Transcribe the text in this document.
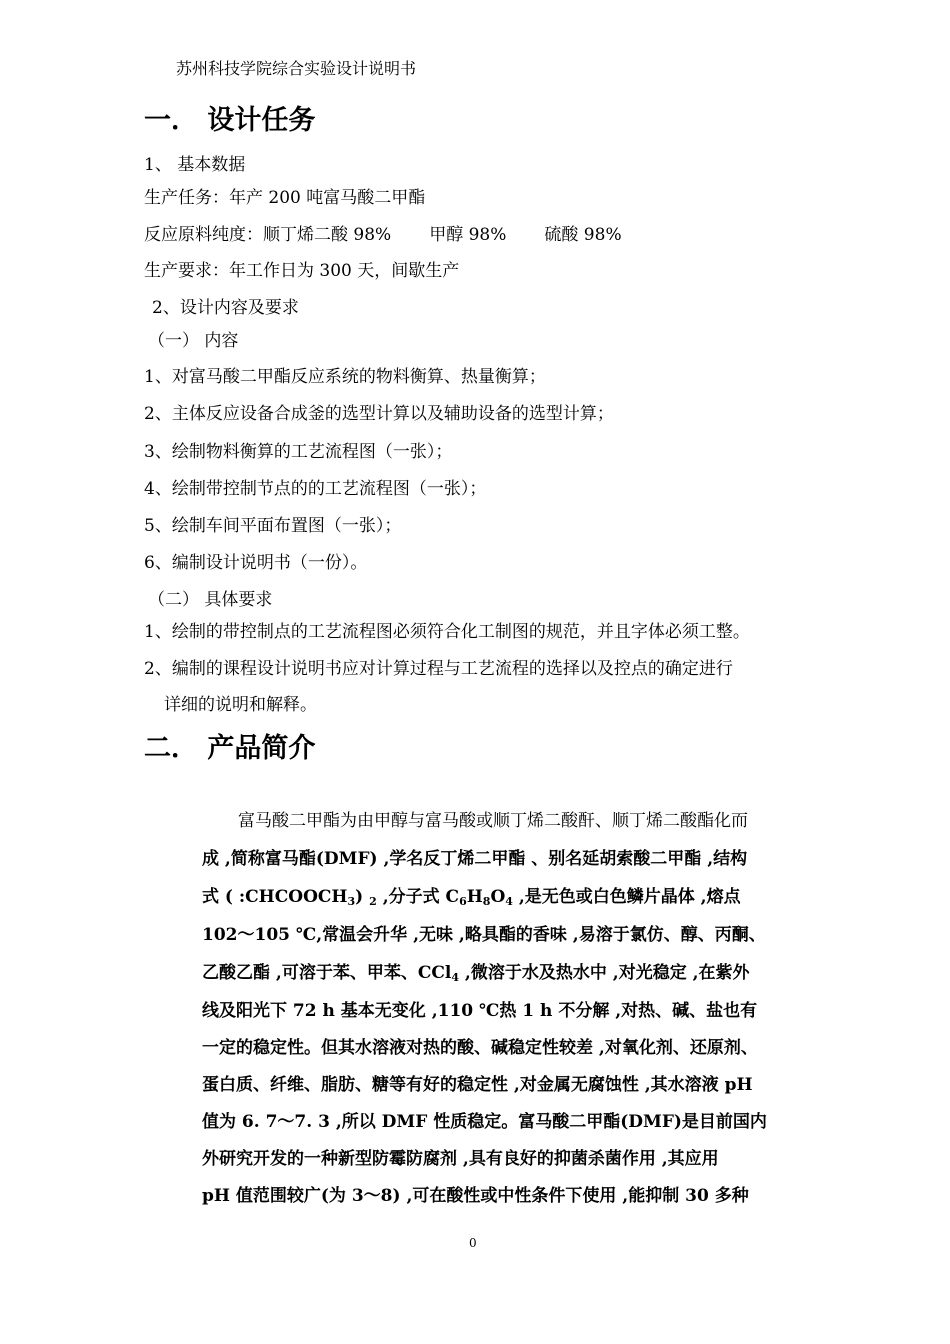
苏州科技学院综合实验设计说明书
一． 设计任务
1、 基本数据
生产任务：年产 200 吨富马酸二甲酯
反应原料纯度：顺丁烯二酸 98% 甲醇 98% 硫酸 98%
生产要求：年工作日为 300 天，间歇生产
2、设计内容及要求
（一） 内容
1、对富马酸二甲酯反应系统的物料衡算、热量衡算；
2、主体反应设备合成釜的选型计算以及辅助设备的选型计算；
3、绘制物料衡算的工艺流程图（一张）；
4、绘制带控制节点的的工艺流程图（一张）；
5、绘制车间平面布置图（一张）；
6、编制设计说明书（一份）。
（二） 具体要求
1、绘制的带控制点的工艺流程图必须符合化工制图的规范，并且字体必须工整。
2、编制的课程设计说明书应对计算过程与工艺流程的选择以及控点的确定进行
详细的说明和解释。
二． 产品简介
富马酸二甲酯为由甲醇与富马酸或顺丁烯二酸酐、顺丁烯二酸酯化而
成 ,简称富马酯(DMF) ,学名反丁烯二甲酯 、别名延胡索酸二甲酯 ,结构
式 ( $:CHCOOCH_3$) $_2$ ,分子式 $C_6H_8O_4$ ,是无色或白色鳞片晶体 ,熔点
102～105 ℃,常温会升华 ,无味 ,略具酯的香味 ,易溶于氯仿、醇、丙酮、
乙酸乙酯 ,可溶于苯、甲苯、CCl$_4$ ,微溶于水及热水中 ,对光稳定 ,在紫外
线及阳光下 72 h 基本无变化 ,110 ℃热 1 h 不分解 ,对热、碱、盐也有
一定的稳定性。但其水溶液对热的酸、碱稳定性较差 ,对氧化剂、还原剂、
蛋白质、纤维、脂肪、糖等有好的稳定性 ,对金属无腐蚀性 ,其水溶液 pH
值为 6. 7～7. 3 ,所以 DMF 性质稳定。富马酸二甲酯(DMF)是目前国内
外研究开发的一种新型防霉防腐剂 ,具有良好的抑菌杀菌作用 ,其应用
pH 值范围较广(为 3～8) ,可在酸性或中性条件下使用 ,能抑制 30 多种
0
